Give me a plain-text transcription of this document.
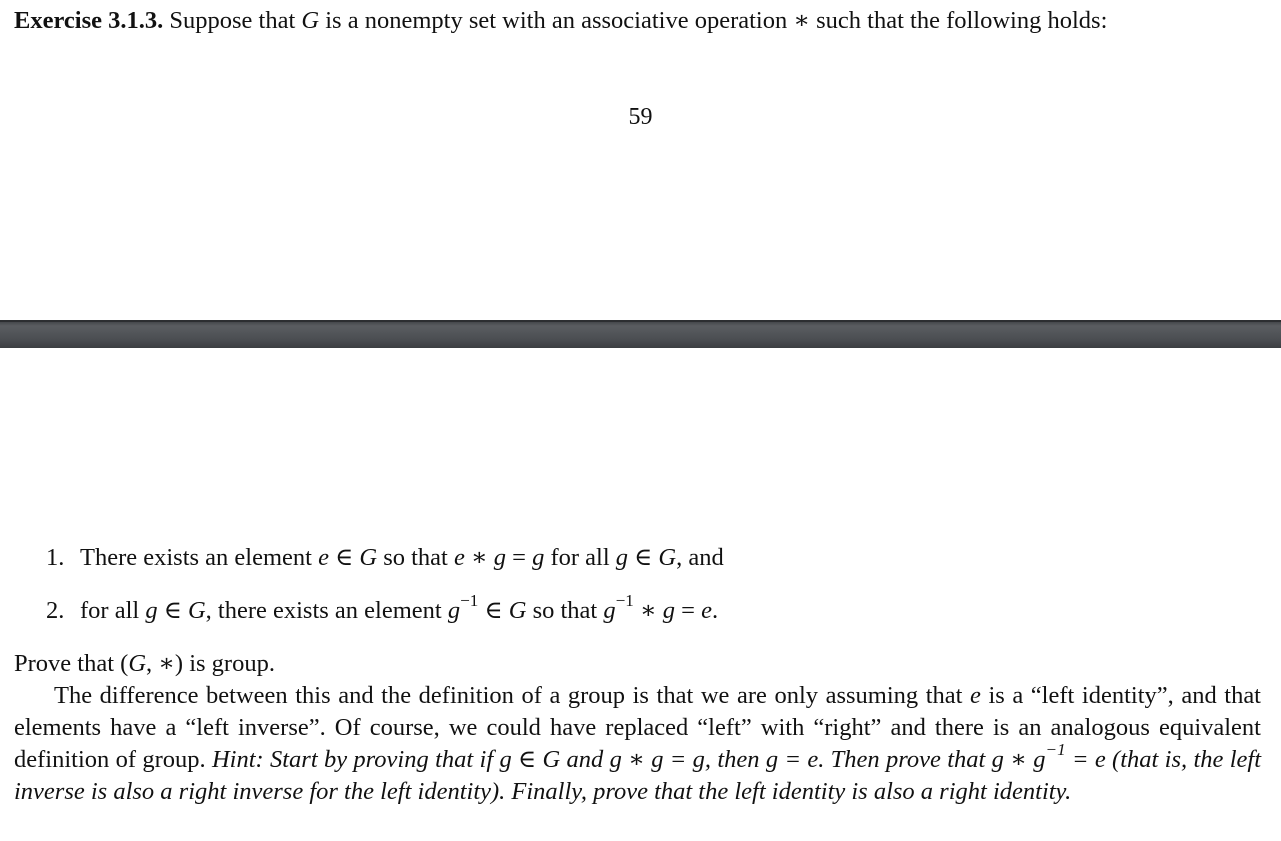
Exercise 3.1.3. Suppose that G is a nonempty set with an associative operation ∗ such that the following holds:
59
1. There exists an element e ∈ G so that e ∗ g = g for all g ∈ G, and
2. for all g ∈ G, there exists an element $g^{-1}$ ∈ G so that $g^{-1}$ ∗ g = e.
Prove that (G, ∗) is group.
The difference between this and the definition of a group is that we are only assuming that e is a “left identity”, and that elements have a “left inverse”. Of course, we could have replaced “left” with “right” and there is an analogous equivalent definition of group. Hint: Start by proving that if g ∈ G and g ∗ g = g, then g = e. Then prove that g ∗ $g^{-1} = e$ (that is, the left inverse is also a right inverse for the left identity). Finally, prove that the left identity is also a right identity.
